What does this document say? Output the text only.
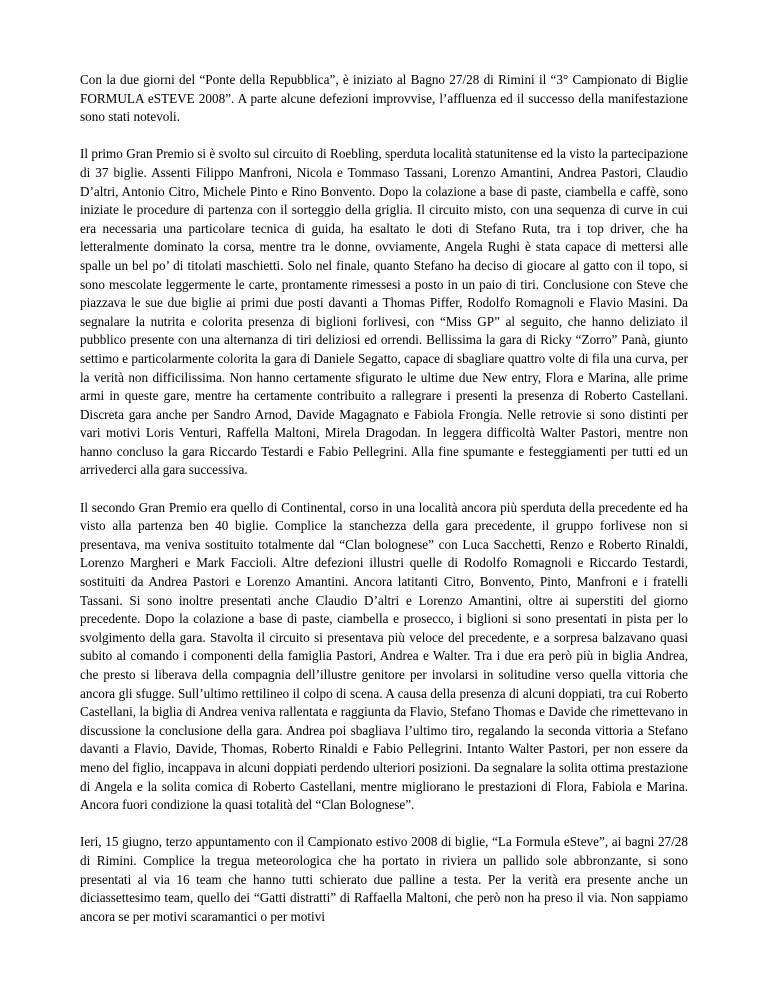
Con la due giorni del “Ponte della Repubblica”, è iniziato al Bagno 27/28 di Rimini il “3° Campionato di Biglie FORMULA eSTEVE 2008”. A parte alcune defezioni improvvise, l’affluenza ed il successo della manifestazione sono stati notevoli.

Il primo Gran Premio si è svolto sul circuito di Roebling, sperduta località statunitense ed la visto la partecipazione di 37 biglie. Assenti Filippo Manfroni, Nicola e Tommaso Tassani, Lorenzo Amantini, Andrea Pastori, Claudio D’altri, Antonio Citro, Michele Pinto e Rino Bonvento. Dopo la colazione a base di paste, ciambella e caffè, sono iniziate le procedure di partenza con il sorteggio della griglia. Il circuito misto, con una sequenza di curve in cui era necessaria una particolare tecnica di guida, ha esaltato le doti di Stefano Ruta, tra i top driver, che ha letteralmente dominato la corsa, mentre tra le donne, ovviamente, Angela Rughi è stata capace di mettersi alle spalle un bel po’ di titolati maschietti. Solo nel finale, quanto Stefano ha deciso di giocare al gatto con il topo, si sono mescolate leggermente le carte, prontamente rimessesi a posto in un paio di tiri. Conclusione con Steve che piazzava le sue due biglie ai primi due posti davanti a Thomas Piffer, Rodolfo Romagnoli e Flavio Masini. Da segnalare la nutrita e colorita presenza di biglioni forlivesi, con “Miss GP” al seguito, che hanno deliziato il pubblico presente con una alternanza di tiri deliziosi ed orrendi. Bellissima la gara di Ricky “Zorro” Panà, giunto settimo e particolarmente colorita la gara di Daniele Segatto, capace di sbagliare quattro volte di fila una curva, per la verità non difficilissima. Non hanno certamente sfigurato le ultime due New entry, Flora e Marina, alle prime armi in queste gare, mentre ha certamente contribuito a rallegrare i presenti la presenza di Roberto Castellani. Discreta gara anche per Sandro Arnod, Davide Magagnato e Fabiola Frongia. Nelle retrovie si sono distinti per vari motivi Loris Venturi, Raffella Maltoni, Mirela Dragodan. In leggera difficoltà Walter Pastori, mentre non hanno concluso la gara Riccardo Testardi e Fabio Pellegrini. Alla fine spumante e festeggiamenti per tutti ed un arrivederci alla gara successiva.

Il secondo Gran Premio era quello di Continental, corso in una località ancora più sperduta della precedente ed ha visto alla partenza ben 40 biglie. Complice la stanchezza della gara precedente, il gruppo forlivese non si presentava, ma veniva sostituito totalmente dal “Clan bolognese” con Luca Sacchetti, Renzo e Roberto Rinaldi, Lorenzo Margheri e Mark Faccioli. Altre defezioni illustri quelle di Rodolfo Romagnoli e Riccardo Testardi, sostituiti da Andrea Pastori e Lorenzo Amantini. Ancora latitanti Citro, Bonvento, Pinto, Manfroni e i fratelli Tassani. Si sono inoltre presentati anche Claudio D’altri e Lorenzo Amantini, oltre ai superstiti del giorno precedente. Dopo la colazione a base di paste, ciambella e prosecco, i biglioni si sono presentati in pista per lo svolgimento della gara. Stavolta il circuito si presentava più veloce del precedente, e a sorpresa balzavano quasi subito al comando i componenti della famiglia Pastori, Andrea e Walter. Tra i due era però più in biglia Andrea, che presto si liberava della compagnia dell’illustre genitore per involarsi in solitudine verso quella vittoria che ancora gli sfugge. Sull’ultimo rettilineo il colpo di scena. A causa della presenza di alcuni doppiati, tra cui Roberto Castellani, la biglia di Andrea veniva rallentata e raggiunta da Flavio, Stefano Thomas e Davide che rimettevano in discussione la conclusione della gara. Andrea poi sbagliava l’ultimo tiro, regalando la seconda vittoria a Stefano davanti a Flavio, Davide, Thomas, Roberto Rinaldi e Fabio Pellegrini. Intanto Walter Pastori, per non essere da meno del figlio, incappava in alcuni doppiati perdendo ulteriori posizioni. Da segnalare la solita ottima prestazione di Angela e la solita comica di Roberto Castellani, mentre migliorano le prestazioni di Flora, Fabiola e Marina. Ancora fuori condizione la quasi totalità del “Clan Bolognese”.

Ieri, 15 giugno, terzo appuntamento con il Campionato estivo 2008 di biglie, “La Formula eSteve”, ai bagni 27/28 di Rimini. Complice la tregua meteorologica che ha portato in riviera un pallido sole abbronzante, si sono presentati al via 16 team che hanno tutti schierato due palline a testa. Per la verità era presente anche un diciassettesimo team, quello dei “Gatti distratti” di Raffaella Maltoni, che però non ha preso il via. Non sappiamo ancora se per motivi scaramantici o per motivi
